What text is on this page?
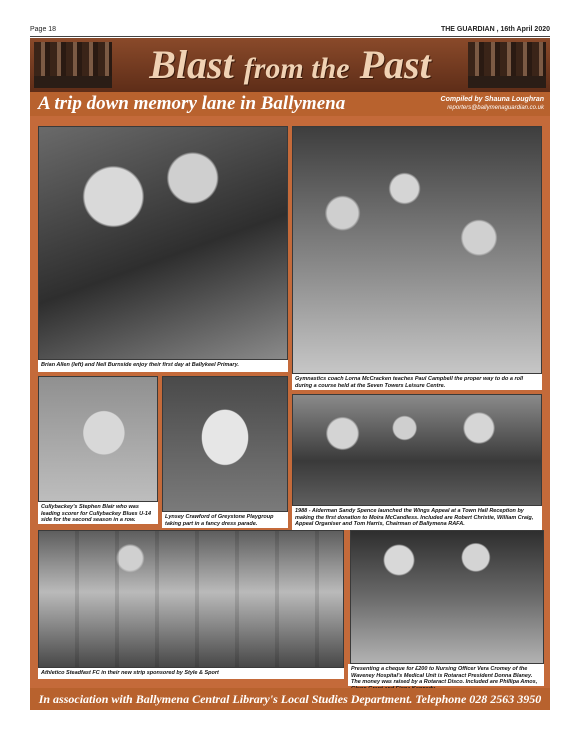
Page 18	THE GUARDIAN , 16th April 2020
Blast from the Past
A trip down memory lane in Ballymena	Compiled by Shauna Loughran
reporters@ballymenaguardian.co.uk
Brian Allen (left) and Neil Burnside enjoy their first day at Ballykeel Primary.
Gymnastics coach Lorna McCracken teaches Paul Campbell the proper way to do a roll during a course held at the Seven Towers Leisure Centre.
Cullybackey's Stephen Blair who was leading scorer for Cullybackey Blues U-14 side for the second season in a row.	Lynsey Crawford of Greystone Playgroup taking part in a fancy dress parade.
1988 - Alderman Sandy Spence launched the Wings Appeal at a Town Hall Reception by making the first donation to Moira McCandless. Included are Robert Christie, William Craig, Appeal Organiser and Tom Harris, Chairman of Ballymena RAFA.
Athletico Steadfast FC in their new strip sponsored by Style & Sport
Presenting a cheque for £200 to Nursing Officer Vera Cromey of the Waveney Hospital's Medical Unit is Rotaract President Donna Blaney. The money was raised by a Rotaract Disco. Included are Phillipa Amos,
In association with Ballymena Central Library's Local Studies Department. Telephone 028 2563 3950
